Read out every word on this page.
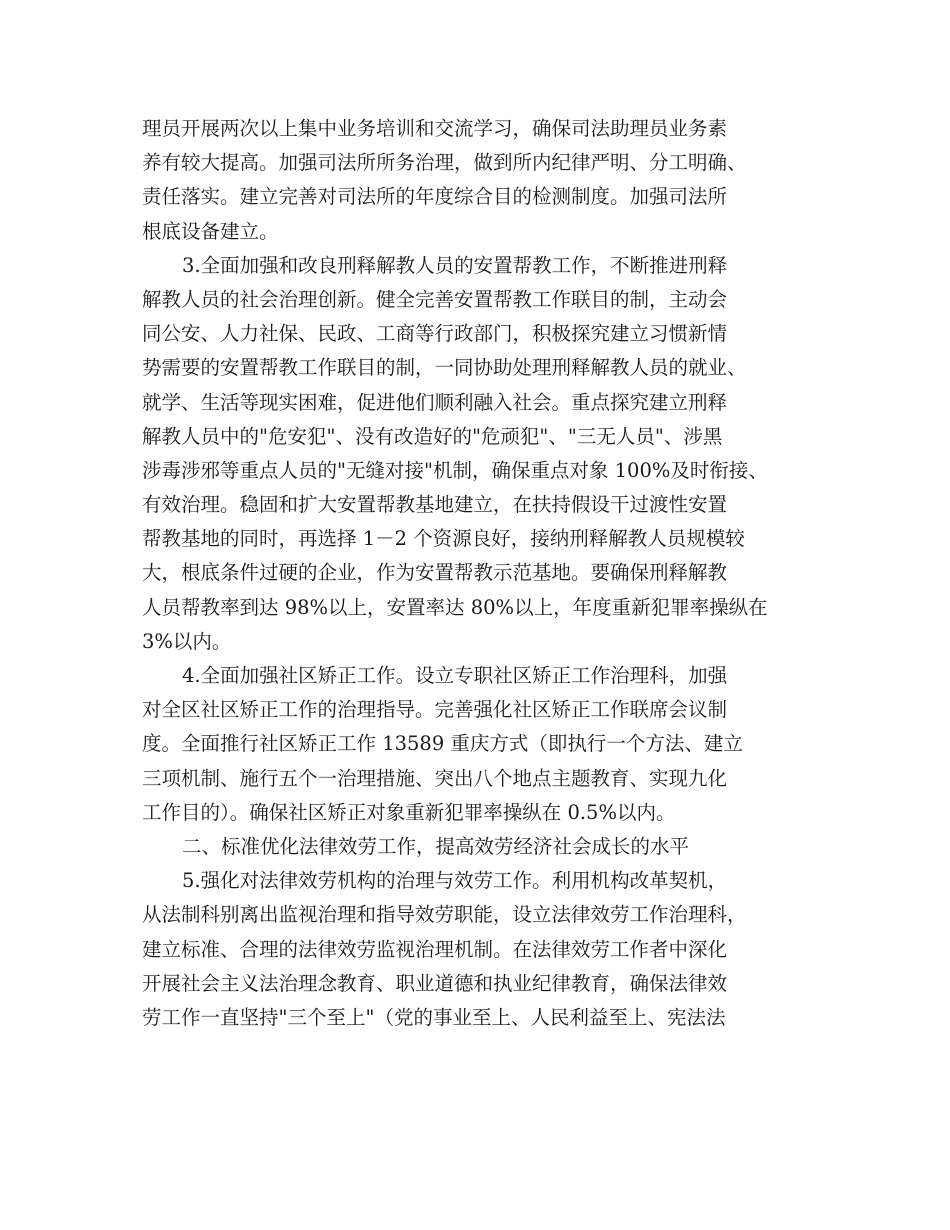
理员开展两次以上集中业务培训和交流学习，确保司法助理员业务素
养有较大提高。加强司法所所务治理，做到所内纪律严明、分工明确、
责任落实。建立完善对司法所的年度综合目的检测制度。加强司法所
根底设备建立。
3.全面加强和改良刑释解教人员的安置帮教工作，不断推进刑释
解教人员的社会治理创新。健全完善安置帮教工作联目的制，主动会
同公安、人力社保、民政、工商等行政部门，积极探究建立习惯新情
势需要的安置帮教工作联目的制，一同协助处理刑释解教人员的就业、
就学、生活等现实困难，促进他们顺利融入社会。重点探究建立刑释
解教人员中的"危安犯"、没有改造好的"危顽犯"、"三无人员"、涉黑
涉毒涉邪等重点人员的"无缝对接"机制，确保重点对象 100%及时衔接、
有效治理。稳固和扩大安置帮教基地建立，在扶持假设干过渡性安置
帮教基地的同时，再选择 1－2 个资源良好，接纳刑释解教人员规模较
大，根底条件过硬的企业，作为安置帮教示范基地。要确保刑释解教
人员帮教率到达 98%以上，安置率达 80%以上，年度重新犯罪率操纵在
3%以内。
4.全面加强社区矫正工作。设立专职社区矫正工作治理科，加强
对全区社区矫正工作的治理指导。完善强化社区矫正工作联席会议制
度。全面推行社区矫正工作 13589 重庆方式（即执行一个方法、建立
三项机制、施行五个一治理措施、突出八个地点主题教育、实现九化
工作目的）。确保社区矫正对象重新犯罪率操纵在 0.5%以内。
二、标准优化法律效劳工作，提高效劳经济社会成长的水平
5.强化对法律效劳机构的治理与效劳工作。利用机构改革契机，
从法制科别离出监视治理和指导效劳职能，设立法律效劳工作治理科，
建立标准、合理的法律效劳监视治理机制。在法律效劳工作者中深化
开展社会主义法治理念教育、职业道德和执业纪律教育，确保法律效
劳工作一直坚持"三个至上"（党的事业至上、人民利益至上、宪法法
